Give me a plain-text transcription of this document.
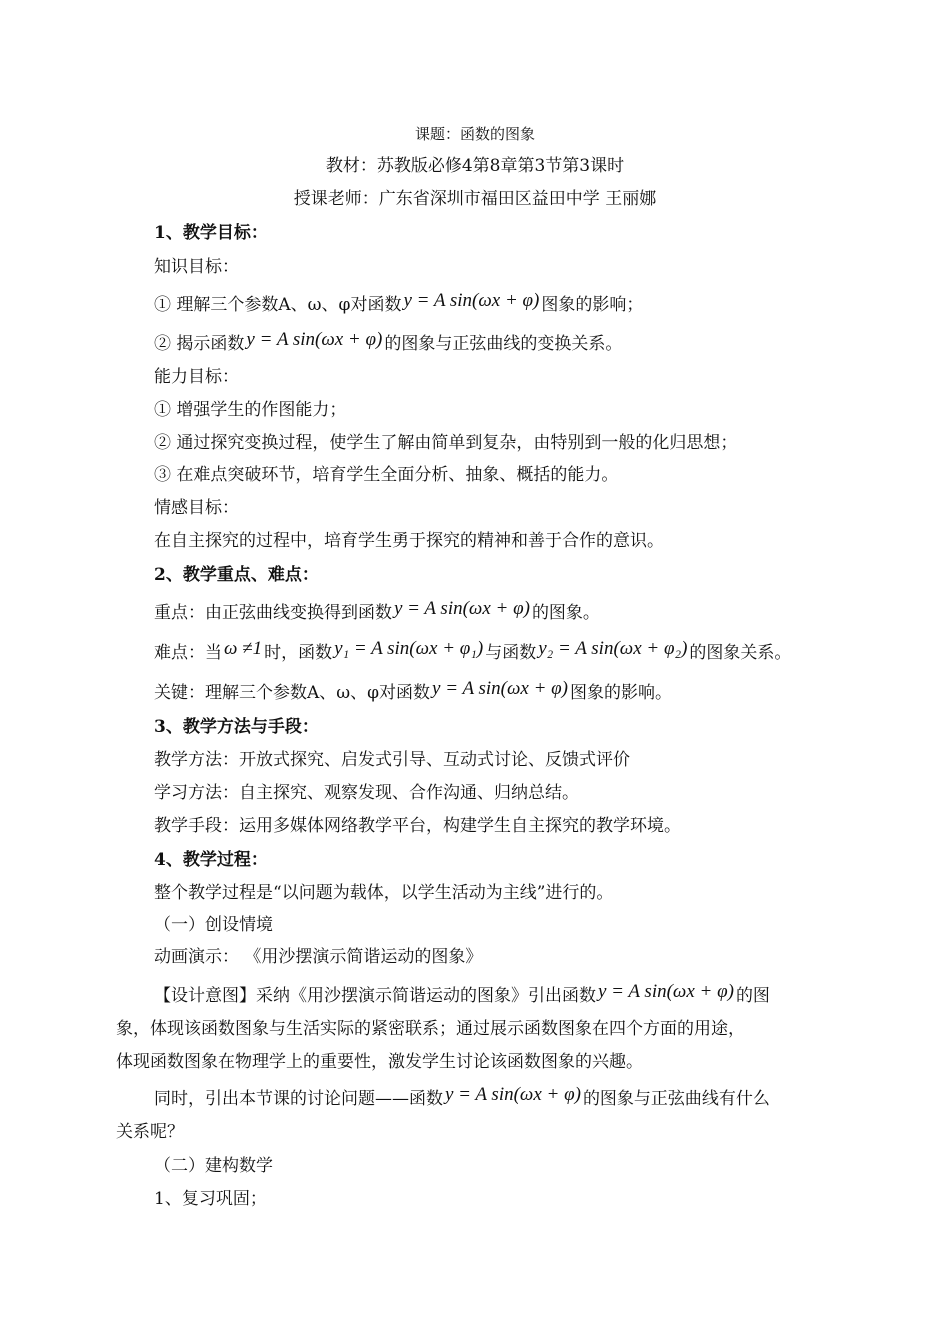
课题：函数的图象
教材：苏教版必修4第8章第3节第3课时
授课老师：广东省深圳市福田区益田中学 王丽娜
1、教学目标：
知识目标：
① 理解三个参数A、ω、φ对函数 y = A sin(ωx + φ) 图象的影响；
② 揭示函数 y = A sin(ωx + φ) 的图象与正弦曲线的变换关系。
能力目标：
① 增强学生的作图能力；
② 通过探究变换过程，使学生了解由简单到复杂，由特别到一般的化归思想；
③ 在难点突破环节，培育学生全面分析、抽象、概括的能力。
情感目标：
在自主探究的过程中，培育学生勇于探究的精神和善于合作的意识。
2、教学重点、难点：
重点：由正弦曲线变换得到函数 y = A sin(ωx + φ) 的图象。
难点：当 ω ≠1 时，函数 y₁ = A sin(ωx + φ₁) 与函数 y₂ = A sin(ωx + φ₂) 的图象关系。
关键：理解三个参数A、ω、φ对函数 y = A sin(ωx + φ) 图象的影响。
3、教学方法与手段：
教学方法：开放式探究、启发式引导、互动式讨论、反馈式评价
学习方法：自主探究、观察发现、合作沟通、归纳总结。
教学手段：运用多媒体网络教学平台，构建学生自主探究的教学环境。
4、教学过程：
整个教学过程是“以问题为载体，以学生活动为主线”进行的。
（一）创设情境
动画演示： 《用沙摆演示简谐运动的图象》
【设计意图】采纳《用沙摆演示简谐运动的图象》引出函数 y = A sin(ωx + φ) 的图
象，体现该函数图象与生活实际的紧密联系；通过展示函数图象在四个方面的用途，
体现函数图象在物理学上的重要性，激发学生讨论该函数图象的兴趣。
同时，引出本节课的讨论问题——函数 y = A sin(ωx + φ) 的图象与正弦曲线有什么
关系呢？
（二）建构数学
1、复习巩固；
